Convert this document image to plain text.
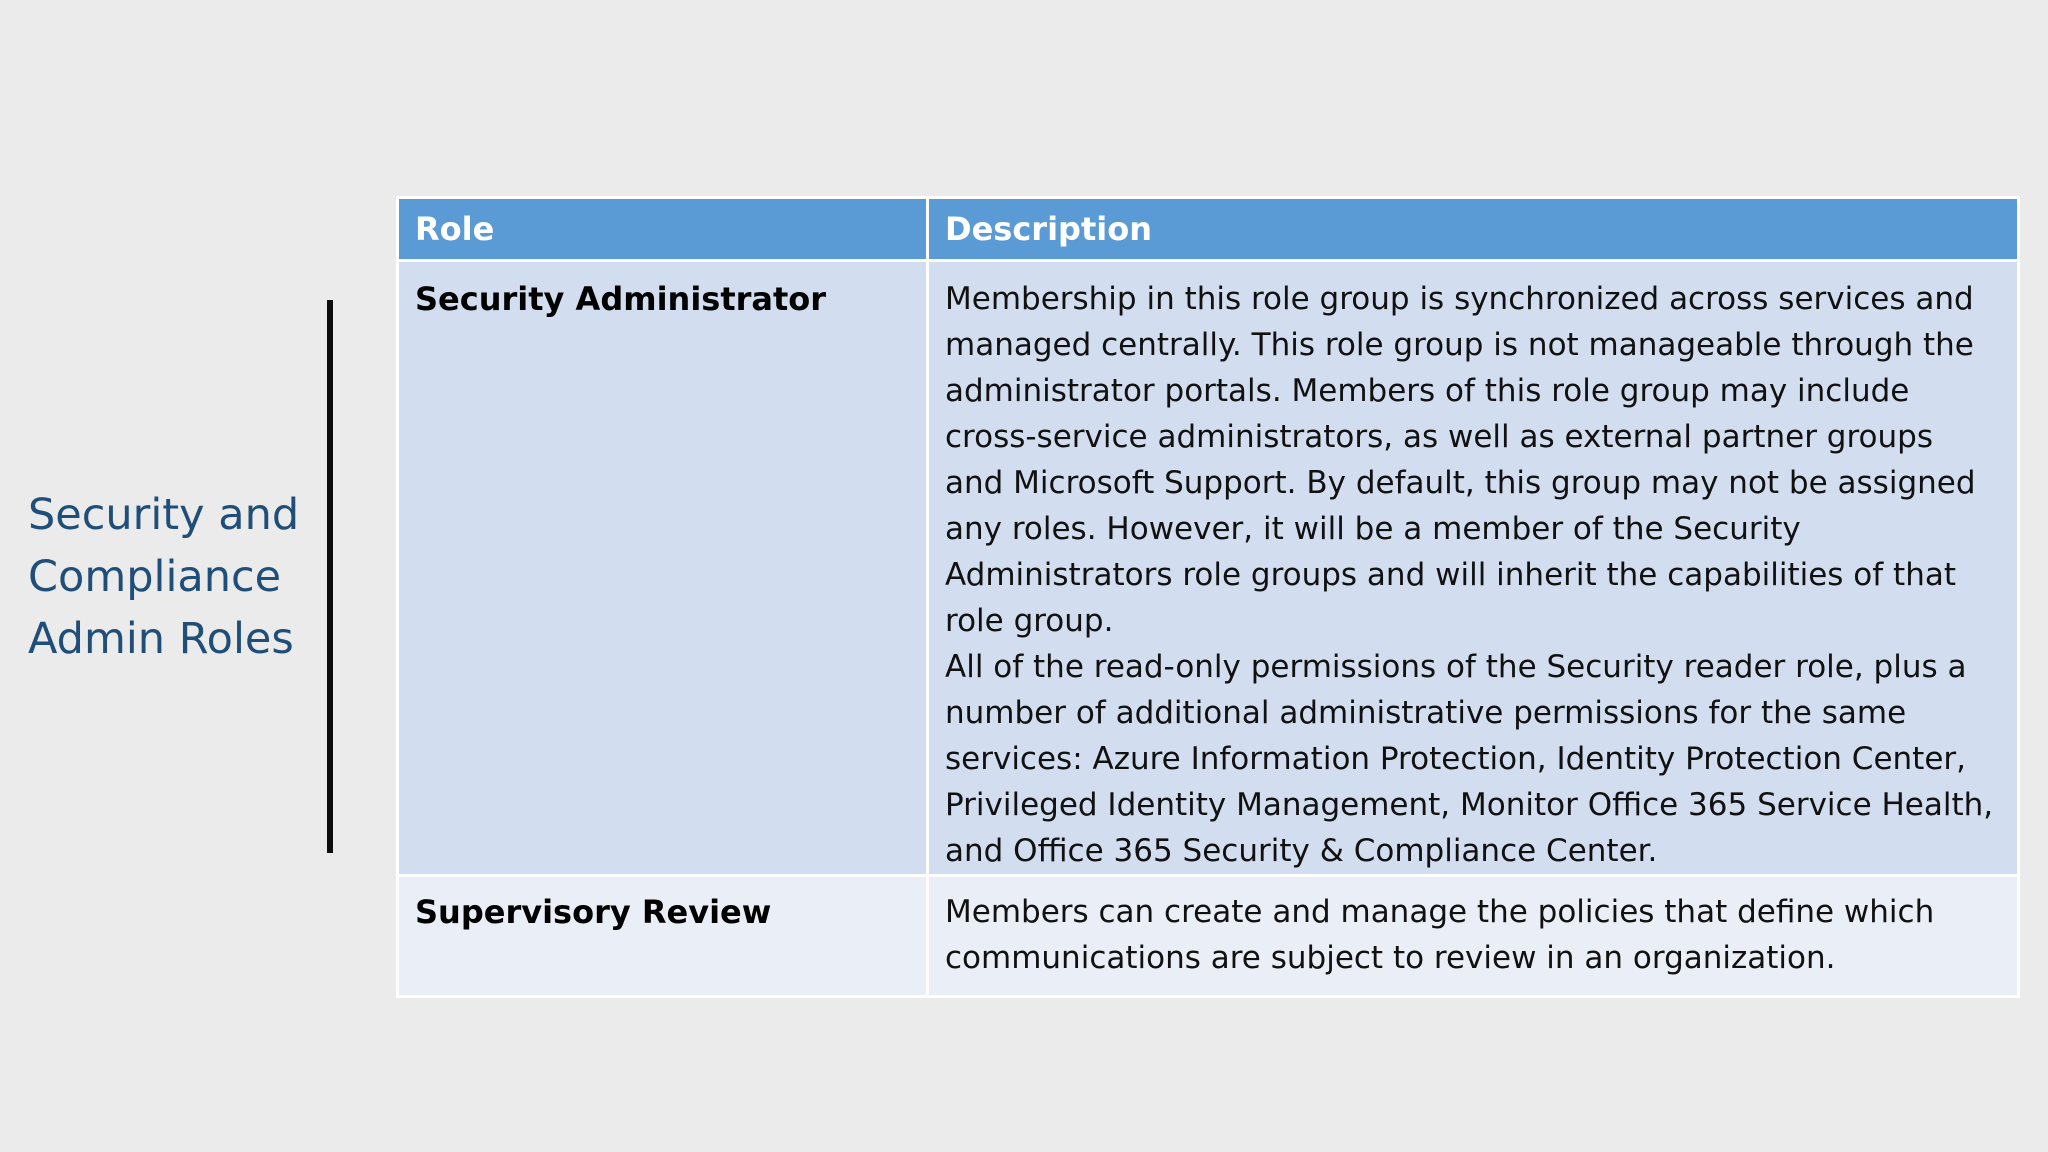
Security and
Compliance
Admin Roles
Role	Description

Security Administrator	Membership in this role group is synchronized across services and managed centrally. This role group is not manageable through the administrator portals. Members of this role group may include cross-service administrators, as well as external partner groups and Microsoft Support. By default, this group may not be assigned any roles. However, it will be a member of the Security Administrators role groups and will inherit the capabilities of that role group.

All of the read-only permissions of the Security reader role, plus a number of additional administrative permissions for the same services: Azure Information Protection, Identity Protection Center, Privileged Identity Management, Monitor Office 365 Service Health, and Office 365 Security & Compliance Center.

Supervisory Review	Members can create and manage the policies that define which communications are subject to review in an organization.
